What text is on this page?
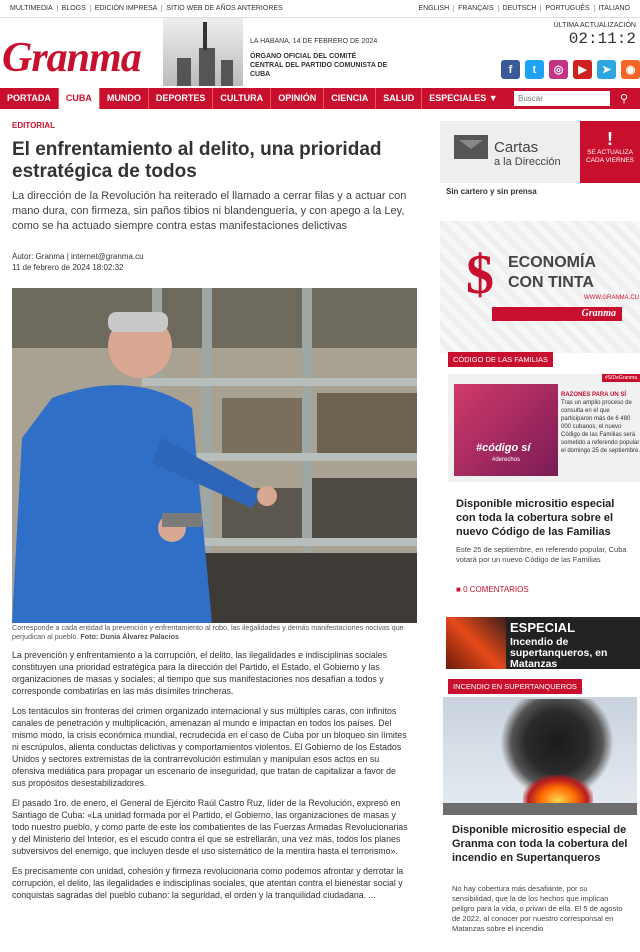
MULTIMEDIA BLOGS EDICIÓN IMPRESA SITIO WEB DE AÑOS ANTERIORES	ENGLISH FRANÇAIS DEUTSCH PORTUGUÊS ITALIANO
Granma	LA HABANA, 14 DE FEBRERO DE 2024
ÓRGANO OFICIAL DEL COMITÉ CENTRAL DEL PARTIDO COMUNISTA DE CUBA
ÚLTIMA ACTUALIZACIÓN
02:11:2
f	t	◎	▶	➤	◉
PORTADA	CUBA	MUNDO	DEPORTES	CULTURA	OPINIÓN	CIENCIA	SALUD	ESPECIALES ▼
Buscar	⚲
EDITORIAL
El enfrentamiento al delito, una prioridad estratégica de todos
La dirección de la Revolución ha reiterado el llamado a cerrar filas y a actuar con mano dura, con firmeza, sin paños tibios ni blandenguería, y con apego a la Ley, como se ha actuado siempre contra estas manifestaciones delictivas
Autor: Granma | internet@granma.cu
11 de febrero de 2024 18:02:32
Corresponde a cada entidad la prevención y enfrentamiento al robo, las ilegalidades y demás manifestaciones nocivas que perjudican al pueblo. Foto: Dunia Álvarez Palacios

La prevención y enfrentamiento a la corrupción, el delito, las ilegalidades e indisciplinas sociales constituyen una prioridad estratégica para la dirección del Partido, el Estado, el Gobierno y las organizaciones de masas y sociales; al tiempo que sus manifestaciones nos desafían a todos y corresponde combatirlas en las más disímiles trincheras.

Los tentáculos sin fronteras del crimen organizado internacional y sus múltiples caras, con infinitos canales de penetración y multiplicación, amenazan al mundo e impactan en todos los países. Del mismo modo, la crisis económica mundial, recrudecida en el caso de Cuba por un bloqueo sin límites ni escrúpulos, alienta conductas delictivas y comportamientos violentos. El Gobierno de los Estados Unidos y sectores extremistas de la contrarrevolución estimulan y manipulan esos actos en su ofensiva mediática para propagar un escenario de inseguridad, que tratan de capitalizar a favor de sus propósitos desestabilizadores.

El pasado 1ro. de enero, el General de Ejército Raúl Castro Ruz, líder de la Revolución, expresó en Santiago de Cuba: «La unidad formada por el Partido, el Gobierno, las organizaciones de masas y todo nuestro pueblo, y como parte de este los combatientes de las Fuerzas Armadas Revolucionarias y del Ministerio del Interior, es el escudo contra el que se estrellarán, una vez más, todos los planes subversivos del enemigo, que incluyen desde el uso sistemático de la mentira hasta el terrorismo».

Es precisamente con unidad, cohesión y firmeza revolucionaria como podemos afrontar y derrotar la corrupción, el delito, las ilegalidades e indisciplinas sociales, que atentan contra el bienestar social y conquistas sagradas del pueblo cubano: la seguridad, el orden y la tranquilidad ciudadana. ...

Cartas
a la Dirección
!
SE ACTUALIZA CADA VIERNES
Sin cartero y sin prensa
$ ECONOMÍA CON TINTA
WWW.GRANMA.CU
Granma
CÓDIGO DE LAS FAMILIAS
#SíDeGranma
#código sí
#derechos
RAZONES PARA UN SÍ
Tras un amplio proceso de consulta en el que participaron más de 6 480 000 cubanos, el nuevo Código de las Familias será sometido a referendo popular el domingo 25 de septiembre.
Disponible micrositio especial con toda la cobertura sobre el nuevo Código de las Familias
Este 25 de septiembre, en referendo popular, Cuba votará por un nuevo Código de las Familias
■ 0 COMENTARIOS
ESPECIAL
Incendio de supertanqueros, en Matanzas
INCENDIO EN SUPERTANQUEROS
Disponible micrositio especial de Granma con toda la cobertura del incendio en Supertanqueros
No hay cobertura más desafiante, por su sensibilidad, que la de los hechos que implican peligro para la vida, o privan de ella. El 5 de agosto de 2022, al conocer por nuestro corresponsal en Matanzas sobre el incendio
